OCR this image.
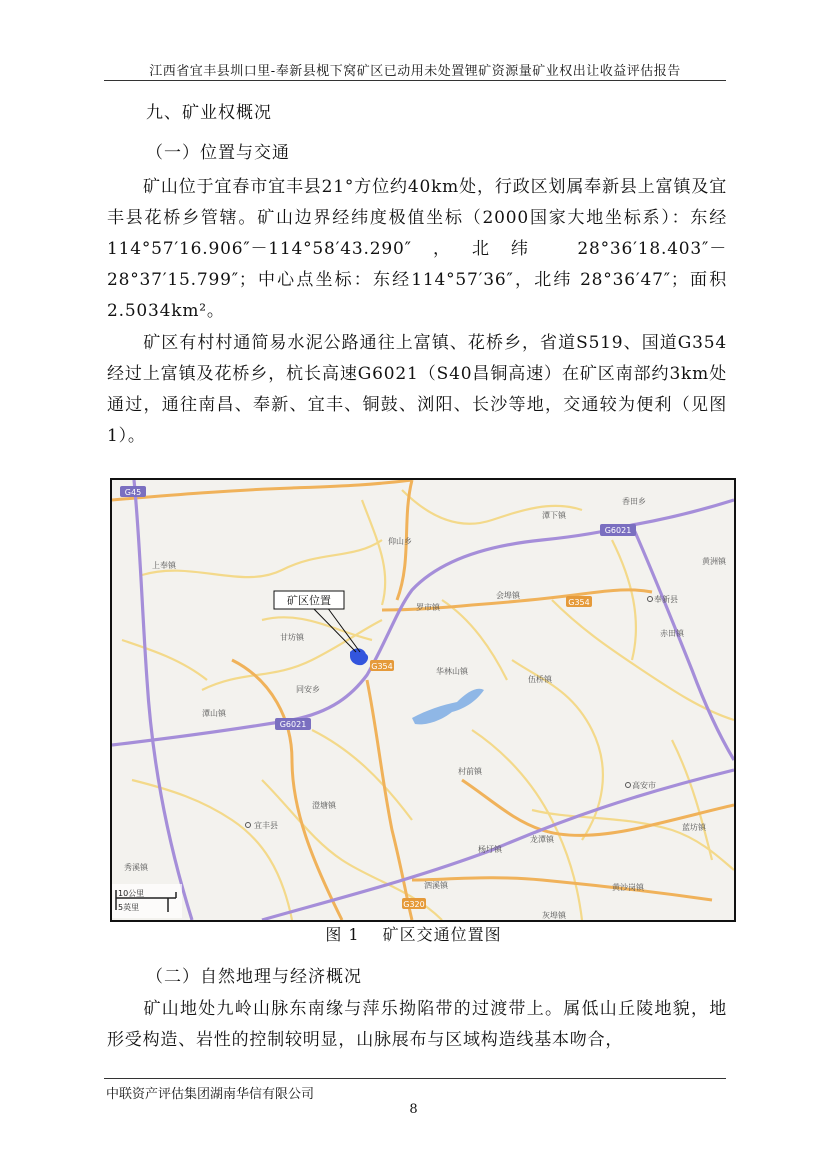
江西省宜丰县圳口里-奉新县枧下窝矿区已动用未处置锂矿资源量矿业权出让收益评估报告
九、矿业权概况
（一）位置与交通
矿山位于宜春市宜丰县21°方位约40km处，行政区划属奉新县上富镇及宜丰县花桥乡管辖。矿山边界经纬度极值坐标（2000国家大地坐标系）：东经114°57′16.906″－114°58′43.290″，北纬 28°36′18.403″－28°37′15.799″；中心点坐标：东经114°57′36″，北纬 28°36′47″；面积2.5034km²。
矿区有村村通简易水泥公路通往上富镇、花桥乡，省道S519、国道G354经过上富镇及花桥乡，杭长高速G6021（S40昌铜高速）在矿区南部约3km处通过，通往南昌、奉新、宜丰、铜鼓、浏阳、长沙等地，交通较为便利（见图1）。
矿区位置
G45
G6021
G6021
G354
G354
G320
香田乡
潭下镇
上奉镇
仰山乡
黄洲镇
罗市镇
会埠镇	奉新县
赤田镇
甘坊镇
华林山镇
伍桥镇
同安乡
潭山镇
村前镇
高安市
澄塘镇
宜丰县	蓝坊镇
龙潭镇
杨圩镇
秀溪镇
泗溪镇	黄沙岗镇
灰埠镇
10公里
5英里
图 1　 矿区交通位置图
（二）自然地理与经济概况
矿山地处九岭山脉东南缘与萍乐拗陷带的过渡带上。属低山丘陵地貌，地形受构造、岩性的控制较明显，山脉展布与区域构造线基本吻合，
中联资产评估集团湖南华信有限公司
8
